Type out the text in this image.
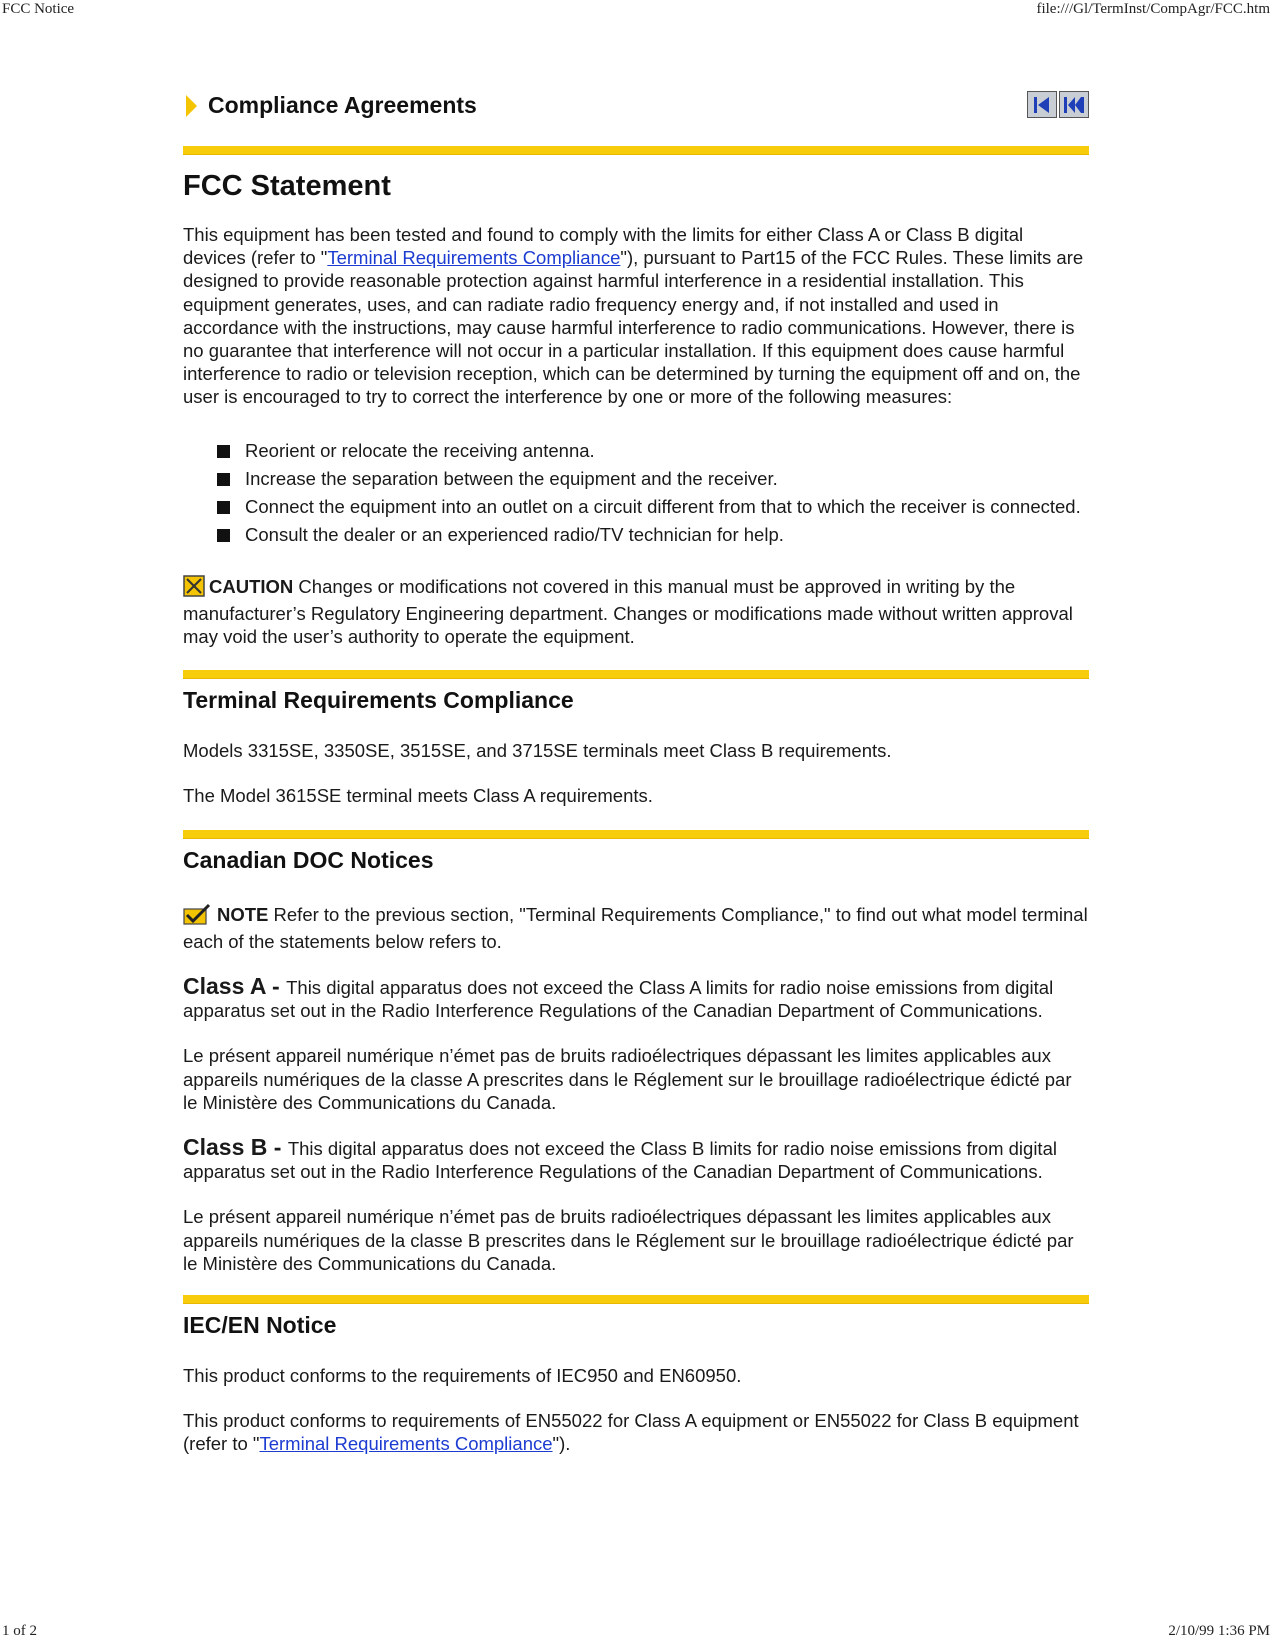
FCC Notice	file:///Gl/TermInst/CompAgr/FCC.htm
Compliance Agreements
FCC Statement

This equipment has been tested and found to comply with the limits for either Class A or Class B digital devices (refer to "Terminal Requirements Compliance"), pursuant to Part15 of the FCC Rules. These limits are designed to provide reasonable protection against harmful interference in a residential installation. This equipment generates, uses, and can radiate radio frequency energy and, if not installed and used in accordance with the instructions, may cause harmful interference to radio communications. However, there is no guarantee that interference will not occur in a particular installation. If this equipment does cause harmful interference to radio or television reception, which can be determined by turning the equipment off and on, the user is encouraged to try to correct the interference by one or more of the following measures:

Reorient or relocate the receiving antenna.
Increase the separation between the equipment and the receiver.
Connect the equipment into an outlet on a circuit different from that to which the receiver is connected.
Consult the dealer or an experienced radio/TV technician for help.

CAUTION Changes or modifications not covered in this manual must be approved in writing by the manufacturer’s Regulatory Engineering department. Changes or modifications made without written approval may void the user’s authority to operate the equipment.

Terminal Requirements Compliance

Models 3315SE, 3350SE, 3515SE, and 3715SE terminals meet Class B requirements.

The Model 3615SE terminal meets Class A requirements.

Canadian DOC Notices

NOTE Refer to the previous section, "Terminal Requirements Compliance," to find out what model terminal each of the statements below refers to.

Class A - This digital apparatus does not exceed the Class A limits for radio noise emissions from digital apparatus set out in the Radio Interference Regulations of the Canadian Department of Communications.

Le présent appareil numérique n’émet pas de bruits radioélectriques dépassant les limites applicables aux appareils numériques de la classe A prescrites dans le Réglement sur le brouillage radioélectrique édicté par le Ministère des Communications du Canada.

Class B - This digital apparatus does not exceed the Class B limits for radio noise emissions from digital apparatus set out in the Radio Interference Regulations of the Canadian Department of Communications.

Le présent appareil numérique n’émet pas de bruits radioélectriques dépassant les limites applicables aux appareils numériques de la classe B prescrites dans le Réglement sur le brouillage radioélectrique édicté par le Ministère des Communications du Canada.

IEC/EN Notice

This product conforms to the requirements of IEC950 and EN60950.

This product conforms to requirements of EN55022 for Class A equipment or EN55022 for Class B equipment (refer to "Terminal Requirements Compliance").

1 of 2	2/10/99 1:36 PM
